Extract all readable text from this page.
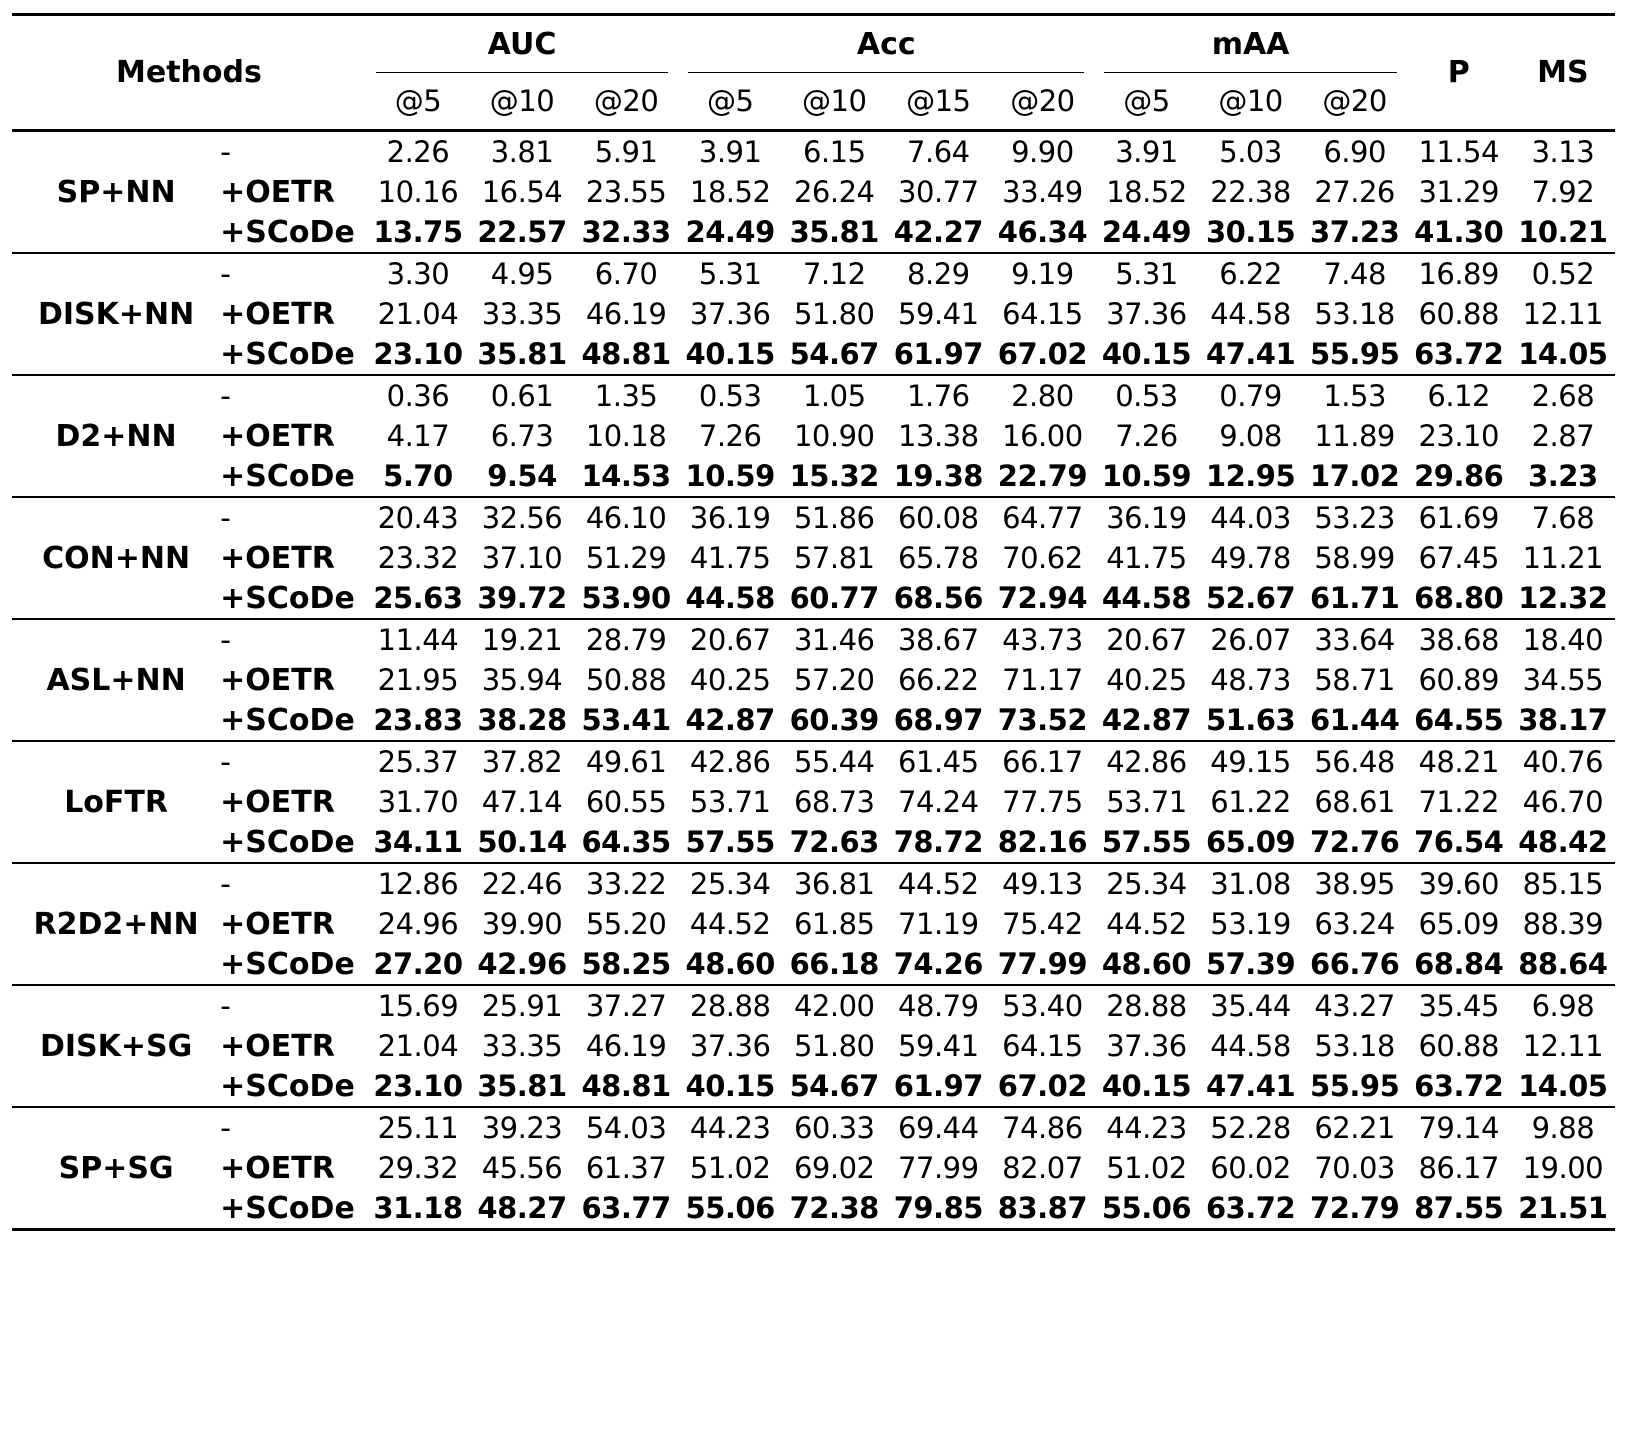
Methods		AUC			Acc				mAA			P	MS
		@5	@10	@20	@5	@10	@15	@20	@5	@10	@20		
SP+NN	-	2.26	3.81	5.91	3.91	6.15	7.64	9.90	3.91	5.03	6.90	11.54	3.13
	+OETR	10.16	16.54	23.55	18.52	26.24	30.77	33.49	18.52	22.38	27.26	31.29	7.92
	+SCoDe	13.75	22.57	32.33	24.49	35.81	42.27	46.34	24.49	30.15	37.23	41.30	10.21
DISK+NN	-	3.30	4.95	6.70	5.31	7.12	8.29	9.19	5.31	6.22	7.48	16.89	0.52
	+OETR	21.04	33.35	46.19	37.36	51.80	59.41	64.15	37.36	44.58	53.18	60.88	12.11
	+SCoDe	23.10	35.81	48.81	40.15	54.67	61.97	67.02	40.15	47.41	55.95	63.72	14.05
D2+NN	-	0.36	0.61	1.35	0.53	1.05	1.76	2.80	0.53	0.79	1.53	6.12	2.68
	+OETR	4.17	6.73	10.18	7.26	10.90	13.38	16.00	7.26	9.08	11.89	23.10	2.87
	+SCoDe	5.70	9.54	14.53	10.59	15.32	19.38	22.79	10.59	12.95	17.02	29.86	3.23
CON+NN	-	20.43	32.56	46.10	36.19	51.86	60.08	64.77	36.19	44.03	53.23	61.69	7.68
	+OETR	23.32	37.10	51.29	41.75	57.81	65.78	70.62	41.75	49.78	58.99	67.45	11.21
	+SCoDe	25.63	39.72	53.90	44.58	60.77	68.56	72.94	44.58	52.67	61.71	68.80	12.32
ASL+NN	-	11.44	19.21	28.79	20.67	31.46	38.67	43.73	20.67	26.07	33.64	38.68	18.40
	+OETR	21.95	35.94	50.88	40.25	57.20	66.22	71.17	40.25	48.73	58.71	60.89	34.55
	+SCoDe	23.83	38.28	53.41	42.87	60.39	68.97	73.52	42.87	51.63	61.44	64.55	38.17
LoFTR	-	25.37	37.82	49.61	42.86	55.44	61.45	66.17	42.86	49.15	56.48	48.21	40.76
	+OETR	31.70	47.14	60.55	53.71	68.73	74.24	77.75	53.71	61.22	68.61	71.22	46.70
	+SCoDe	34.11	50.14	64.35	57.55	72.63	78.72	82.16	57.55	65.09	72.76	76.54	48.42
R2D2+NN	-	12.86	22.46	33.22	25.34	36.81	44.52	49.13	25.34	31.08	38.95	39.60	85.15
	+OETR	24.96	39.90	55.20	44.52	61.85	71.19	75.42	44.52	53.19	63.24	65.09	88.39
	+SCoDe	27.20	42.96	58.25	48.60	66.18	74.26	77.99	48.60	57.39	66.76	68.84	88.64
DISK+SG	-	15.69	25.91	37.27	28.88	42.00	48.79	53.40	28.88	35.44	43.27	35.45	6.98
	+OETR	21.04	33.35	46.19	37.36	51.80	59.41	64.15	37.36	44.58	53.18	60.88	12.11
	+SCoDe	23.10	35.81	48.81	40.15	54.67	61.97	67.02	40.15	47.41	55.95	63.72	14.05
SP+SG	-	25.11	39.23	54.03	44.23	60.33	69.44	74.86	44.23	52.28	62.21	79.14	9.88
	+OETR	29.32	45.56	61.37	51.02	69.02	77.99	82.07	51.02	60.02	70.03	86.17	19.00
	+SCoDe	31.18	48.27	63.77	55.06	72.38	79.85	83.87	55.06	63.72	72.79	87.55	21.51
